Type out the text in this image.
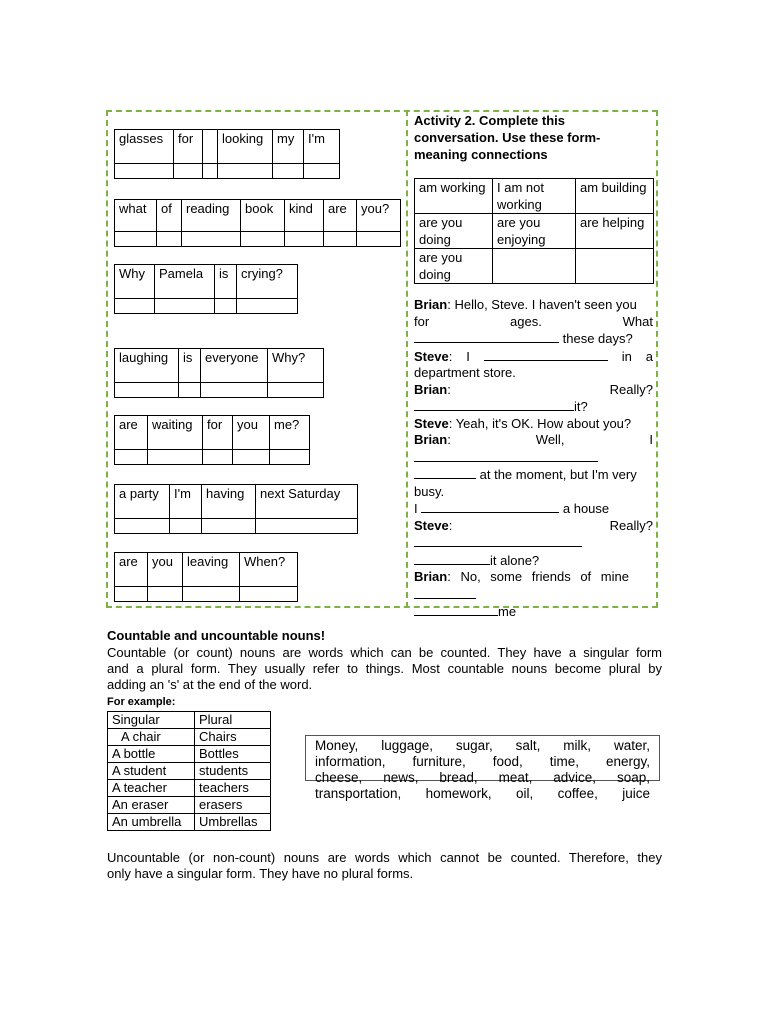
glasses	for		looking	my	I'm

what	of	reading	book	kind	are	you?

Why	Pamela	is	crying?

laughing	is	everyone	Why?

are	waiting	for	you	me?

a party	I'm	having	next Saturday

are	you	leaving	When?

Activity 2. Complete this conversation. Use these form-meaning connections
am working	I am not working	am building
are you doing	are you enjoying	are helping
are you doing		
Brian: Hello, Steve. I haven't seen you
for	ages.	What
these days?
Steve: I	in a
department store.
Brian:	Really?
it?
Steve: Yeah, it's OK. How about you?
Brian:	Well,	I
at the moment, but I'm very
busy.
I	a house
Steve:	Really?
it alone?
Brian: No, some friends of mine
me
Countable and uncountable nouns!
Countable (or count) nouns are words which can be counted. They have a singular form
and a plural form. They usually refer to things. Most countable nouns become plural by
adding an 's' at the end of the word.
For example:
Singular	Plural
A chair	Chairs
A bottle	Bottles
A student	students
A teacher	teachers
An eraser	erasers
An umbrella	Umbrellas
Money, luggage, sugar, salt, milk, water,
information, furniture, food, time, energy,
cheese, news, bread, meat, advice, soap,
transportation, homework, oil, coffee, juice
Uncountable (or non-count) nouns are words which cannot be counted. Therefore, they
only have a singular form. They have no plural forms.
